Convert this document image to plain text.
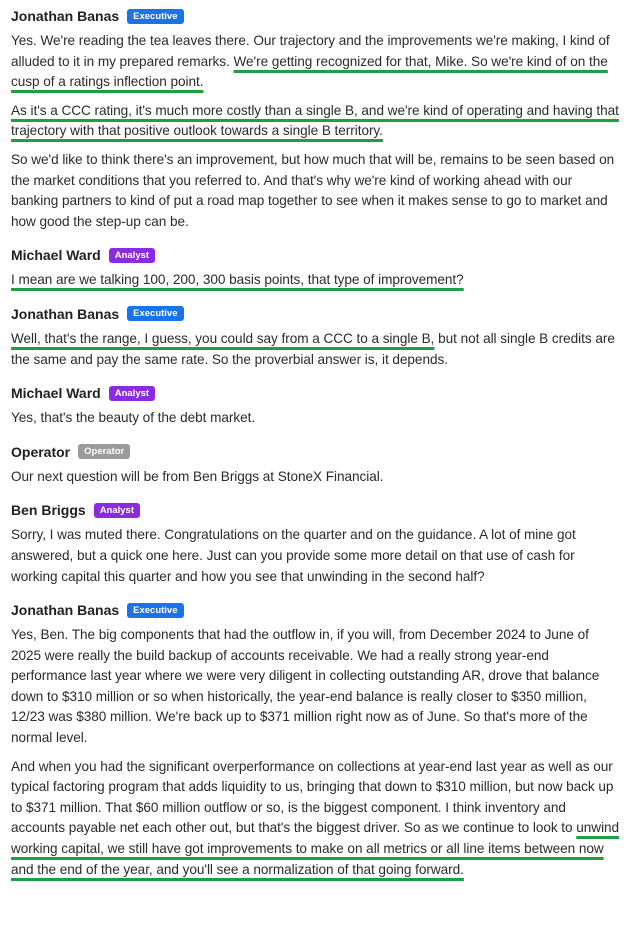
Jonathan Banas	Executive
Yes. We're reading the tea leaves there. Our trajectory and the improvements we're making, I kind of alluded to it in my prepared remarks. We're getting recognized for that, Mike. So we're kind of on the cusp of a ratings inflection point.
As it's a CCC rating, it's much more costly than a single B, and we're kind of operating and having that trajectory with that positive outlook towards a single B territory.
So we'd like to think there's an improvement, but how much that will be, remains to be seen based on the market conditions that you referred to. And that's why we're kind of working ahead with our banking partners to kind of put a road map together to see when it makes sense to go to market and how good the step-up can be.
Michael Ward	Analyst
I mean are we talking 100, 200, 300 basis points, that type of improvement?
Jonathan Banas	Executive
Well, that's the range, I guess, you could say from a CCC to a single B, but not all single B credits are the same and pay the same rate. So the proverbial answer is, it depends.
Michael Ward	Analyst
Yes, that's the beauty of the debt market.
Operator	Operator
Our next question will be from Ben Briggs at StoneX Financial.
Ben Briggs	Analyst
Sorry, I was muted there. Congratulations on the quarter and on the guidance. A lot of mine got answered, but a quick one here. Just can you provide some more detail on that use of cash for working capital this quarter and how you see that unwinding in the second half?
Jonathan Banas	Executive
Yes, Ben. The big components that had the outflow in, if you will, from December 2024 to June of 2025 were really the build backup of accounts receivable. We had a really strong year-end performance last year where we were very diligent in collecting outstanding AR, drove that balance down to $310 million or so when historically, the year-end balance is really closer to $350 million, 12/23 was $380 million. We're back up to $371 million right now as of June. So that's more of the normal level.
And when you had the significant overperformance on collections at year-end last year as well as our typical factoring program that adds liquidity to us, bringing that down to $310 million, but now back up to $371 million. That $60 million outflow or so, is the biggest component. I think inventory and accounts payable net each other out, but that's the biggest driver. So as we continue to look to unwind working capital, we still have got improvements to make on all metrics or all line items between now and the end of the year, and you'll see a normalization of that going forward.
